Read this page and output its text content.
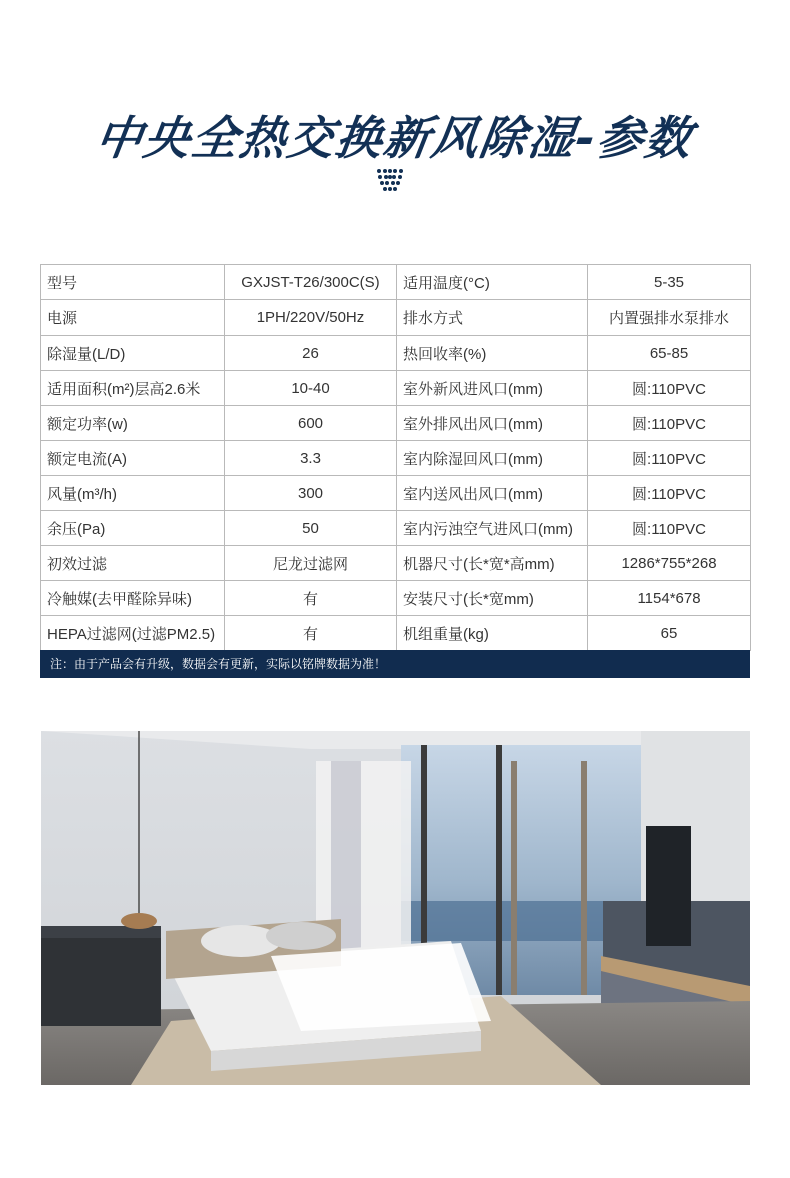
中央全热交换新风除湿-参数
型号	GXJST-T26/300C(S)	适用温度(°C)	5-35
电源	1PH/220V/50Hz	排水方式	内置强排水泵排水
除湿量(L/D)	26	热回收率(%)	65-85
适用面积(m²)层高2.6米	10-40	室外新风进风口(mm)	圆:110PVC
额定功率(w)	600	室外排风出风口(mm)	圆:110PVC
额定电流(A)	3.3	室内除湿回风口(mm)	圆:110PVC
风量(m³/h)	300	室内送风出风口(mm)	圆:110PVC
余压(Pa)	50	室内污浊空气进风口(mm)	圆:110PVC
初效过滤	尼龙过滤网	机器尺寸(长*宽*高mm)	1286*755*268
冷触媒(去甲醛除异味)	有	安装尺寸(长*宽mm)	1154*678
HEPA过滤网(过滤PM2.5)	有	机组重量(kg)	65
注：由于产品会有升级，数据会有更新，实际以铭牌数据为准！
